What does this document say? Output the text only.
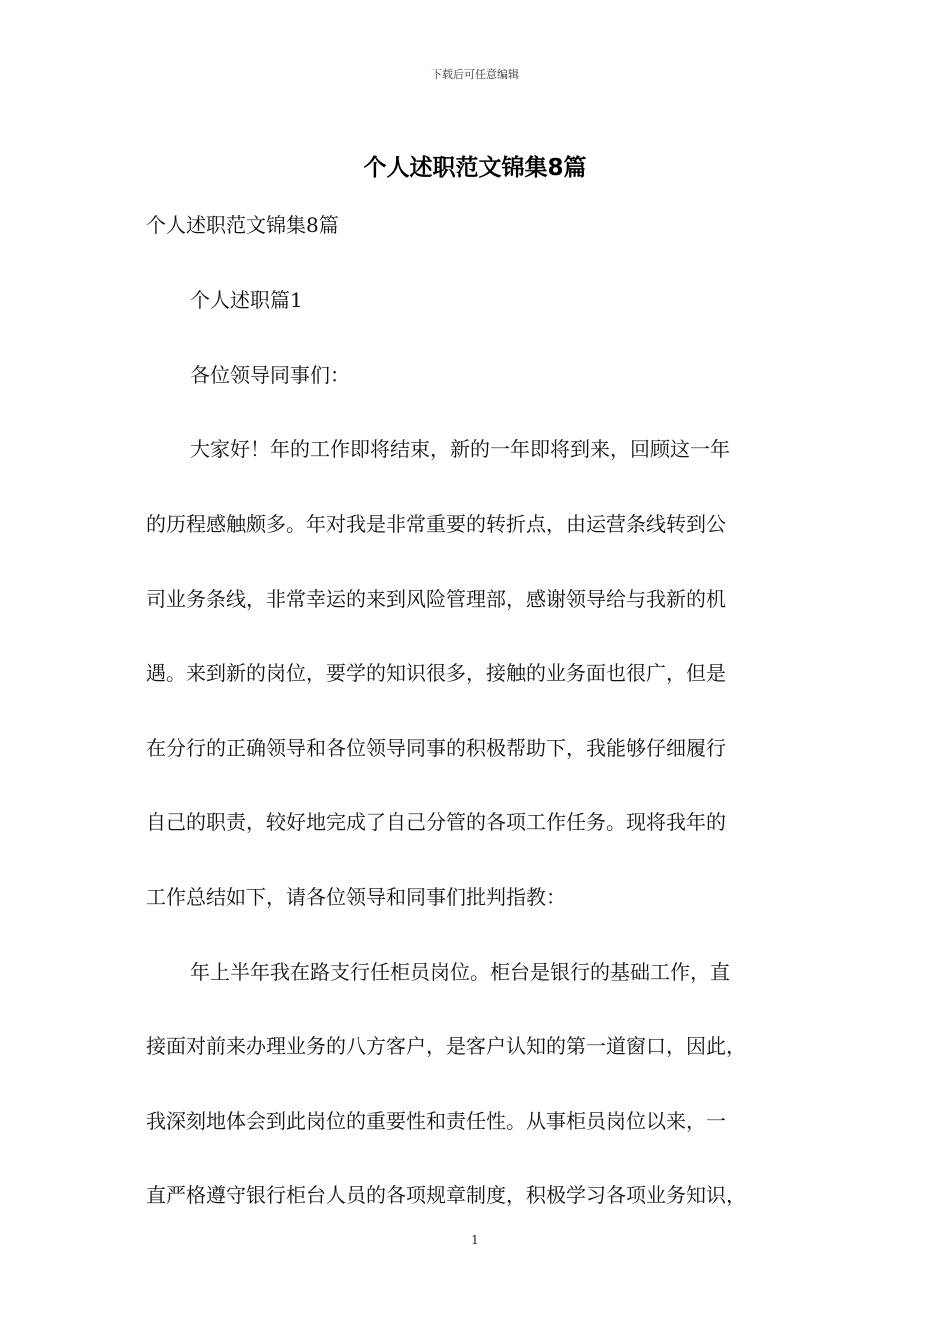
下载后可任意编辑
个人述职范文锦集8篇
个人述职范文锦集8篇
个人述职篇1
各位领导同事们：
大家好！年的工作即将结束，新的一年即将到来，回顾这一年
的历程感触颇多。年对我是非常重要的转折点，由运营条线转到公
司业务条线，非常幸运的来到风险管理部，感谢领导给与我新的机
遇。来到新的岗位，要学的知识很多，接触的业务面也很广，但是
在分行的正确领导和各位领导同事的积极帮助下，我能够仔细履行
自己的职责，较好地完成了自己分管的各项工作任务。现将我年的
工作总结如下，请各位领导和同事们批判指教：
年上半年我在路支行任柜员岗位。柜台是银行的基础工作，直
接面对前来办理业务的八方客户，是客户认知的第一道窗口，因此，
我深刻地体会到此岗位的重要性和责任性。从事柜员岗位以来，一
直严格遵守银行柜台人员的各项规章制度，积极学习各项业务知识，
1
